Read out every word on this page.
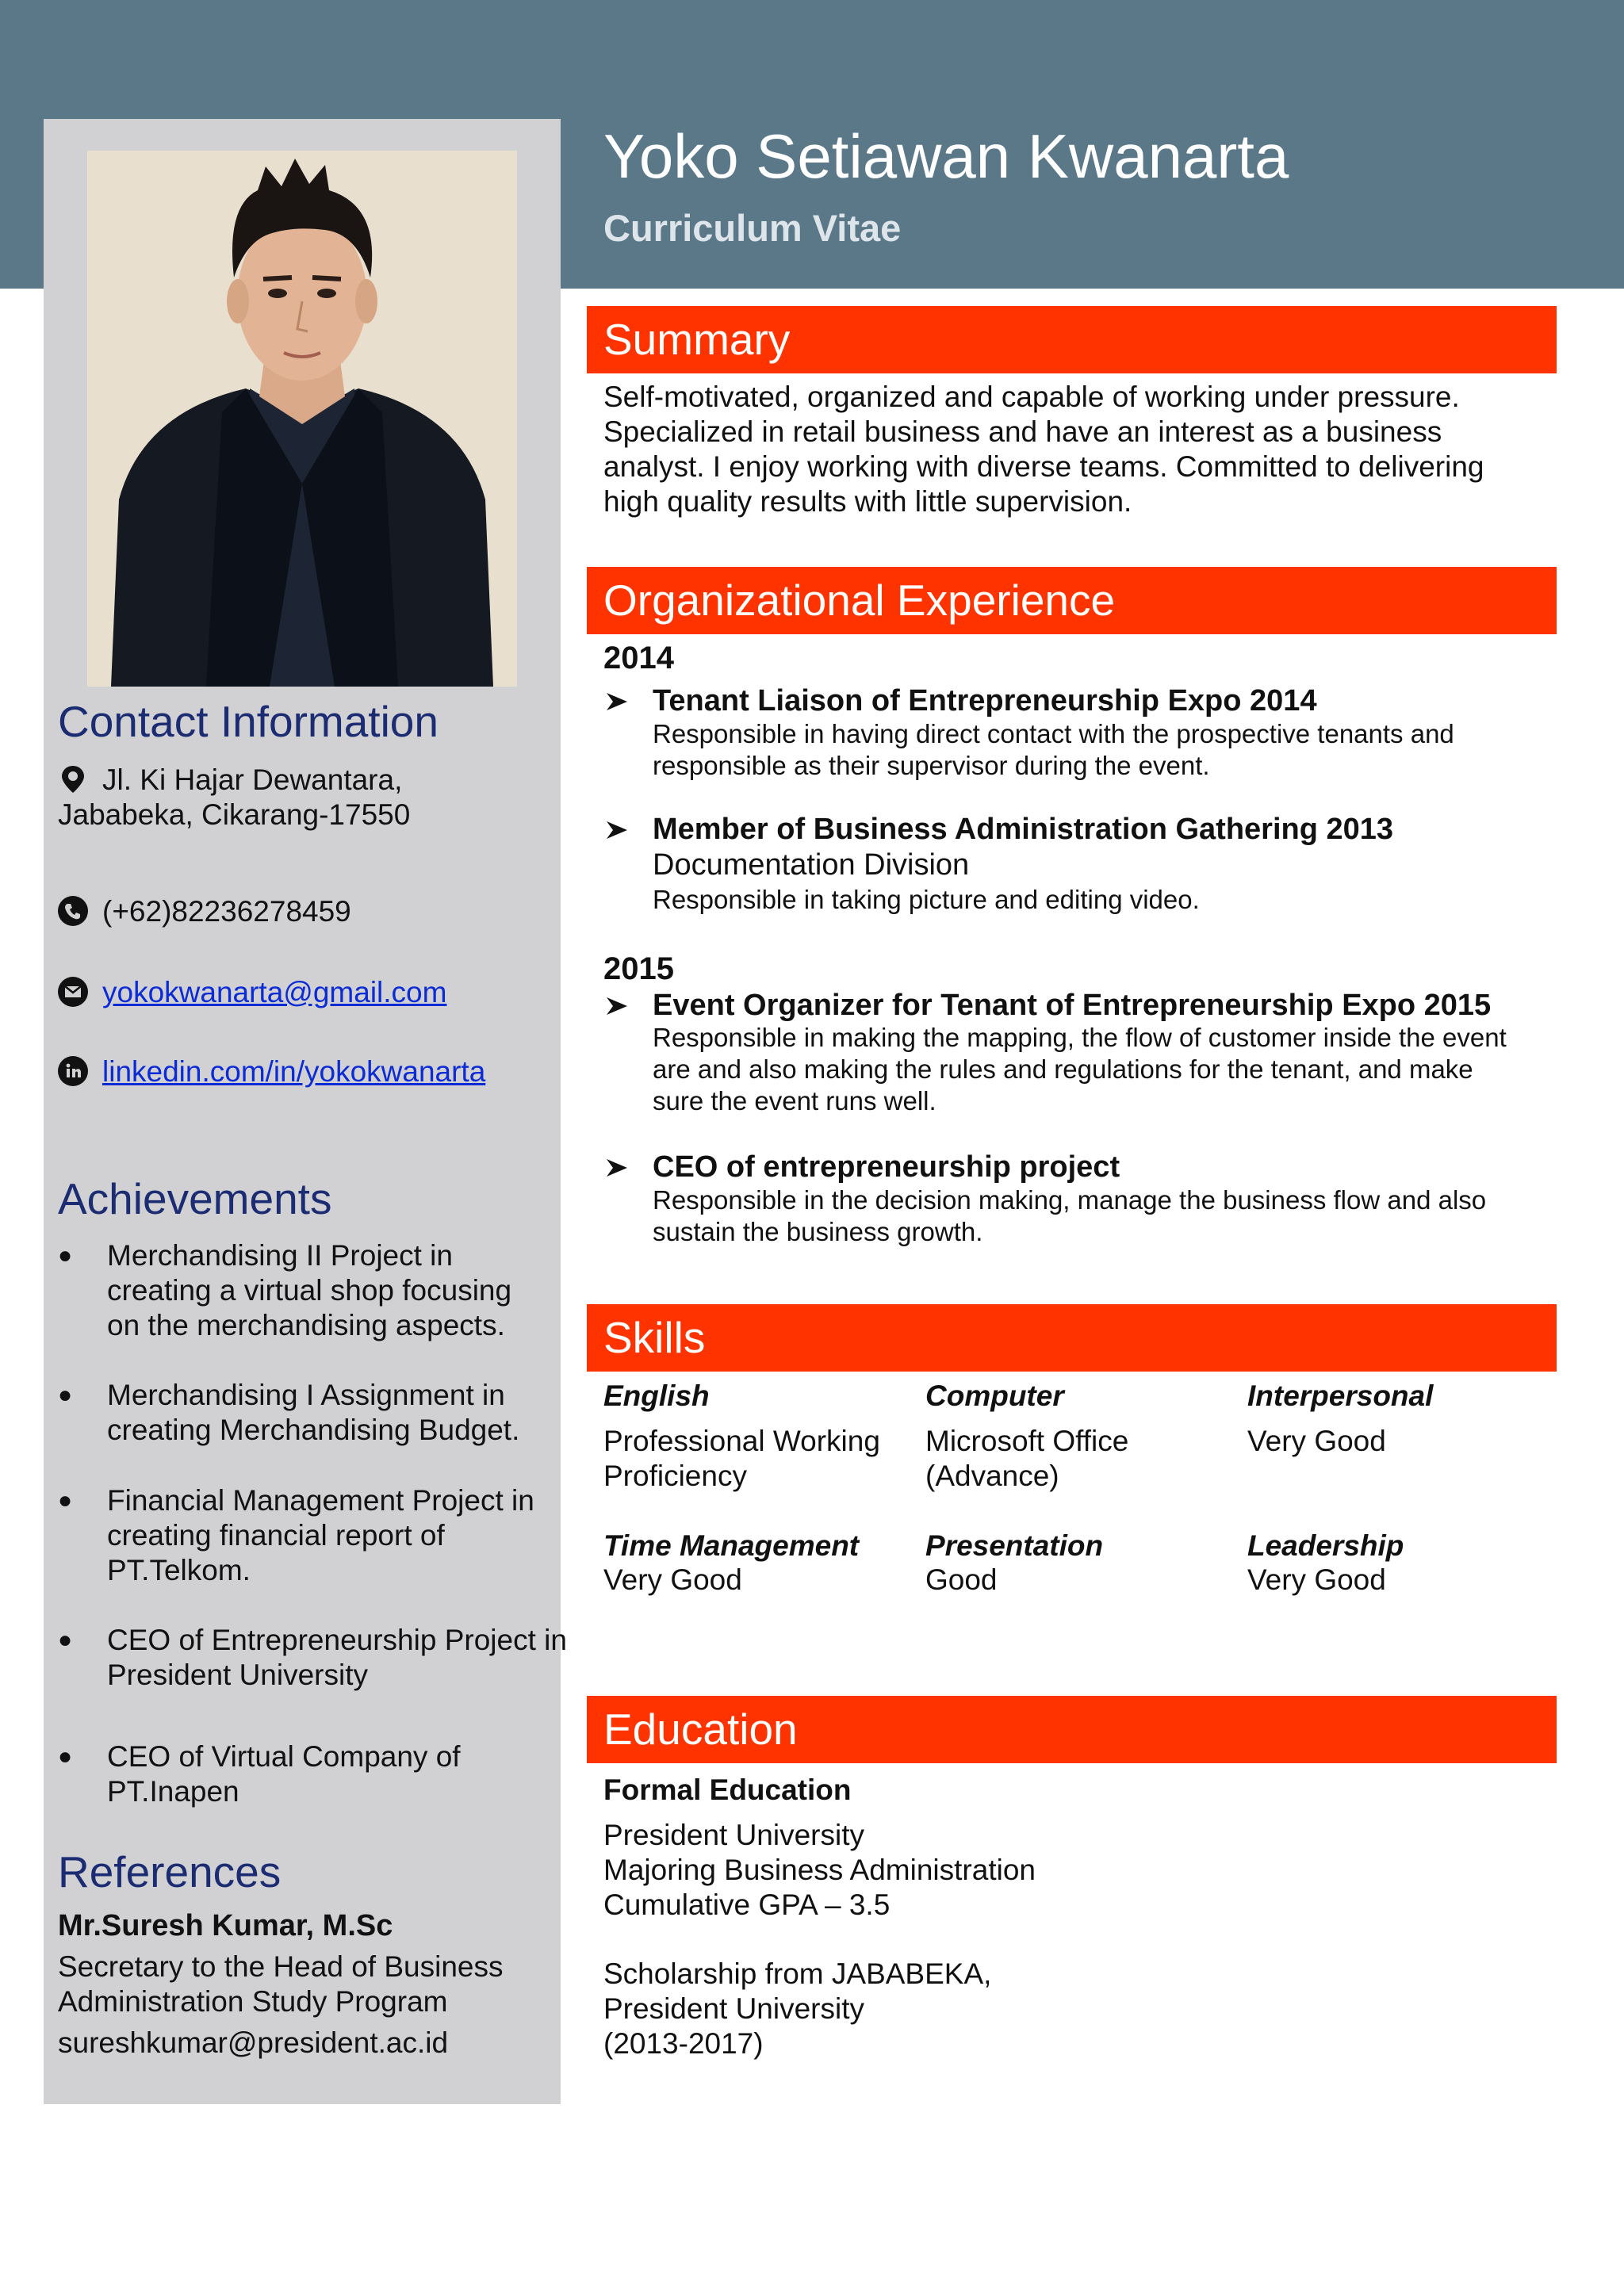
Yoko Setiawan Kwanarta
Curriculum Vitae
Contact Information
Jl. Ki Hajar Dewantara,
Jababeka, Cikarang-17550
(+62)82236278459
yokokwanarta@gmail.com
linkedin.com/in/yokokwanarta
Achievements
● Merchandising II Project in creating a virtual shop focusing on the merchandising aspects.
● Merchandising I Assignment in creating Merchandising Budget.
● Financial Management Project in creating financial report of PT.Telkom.
● CEO of Entrepreneurship Project in President University
● CEO of Virtual Company of PT.Inapen
References
Mr.Suresh Kumar, M.Sc
Secretary to the Head of Business
Administration Study Program
sureshkumar@president.ac.id
Summary
Self-motivated, organized and capable of working under pressure. Specialized in retail business and have an interest as a business analyst. I enjoy working with diverse teams. Committed to delivering high quality results with little supervision.
Organizational Experience
2014
Tenant Liaison of Entrepreneurship Expo 2014
Responsible in having direct contact with the prospective tenants and responsible as their supervisor during the event.
Member of Business Administration Gathering 2013
Documentation Division
Responsible in taking picture and editing video.
2015
Event Organizer for Tenant of Entrepreneurship Expo 2015
Responsible in making the mapping, the flow of customer inside the event are and also making the rules and regulations for the tenant, and make sure the event runs well.
CEO of entrepreneurship project
Responsible in the decision making, manage the business flow and also sustain the business growth.
Skills
English
Professional Working Proficiency
Computer
Microsoft Office (Advance)
Interpersonal
Very Good
Time Management
Very Good
Presentation
Good
Leadership
Very Good
Education
Formal Education
President University
Majoring Business Administration
Cumulative GPA – 3.5
Scholarship from JABABEKA,
President University
(2013-2017)
